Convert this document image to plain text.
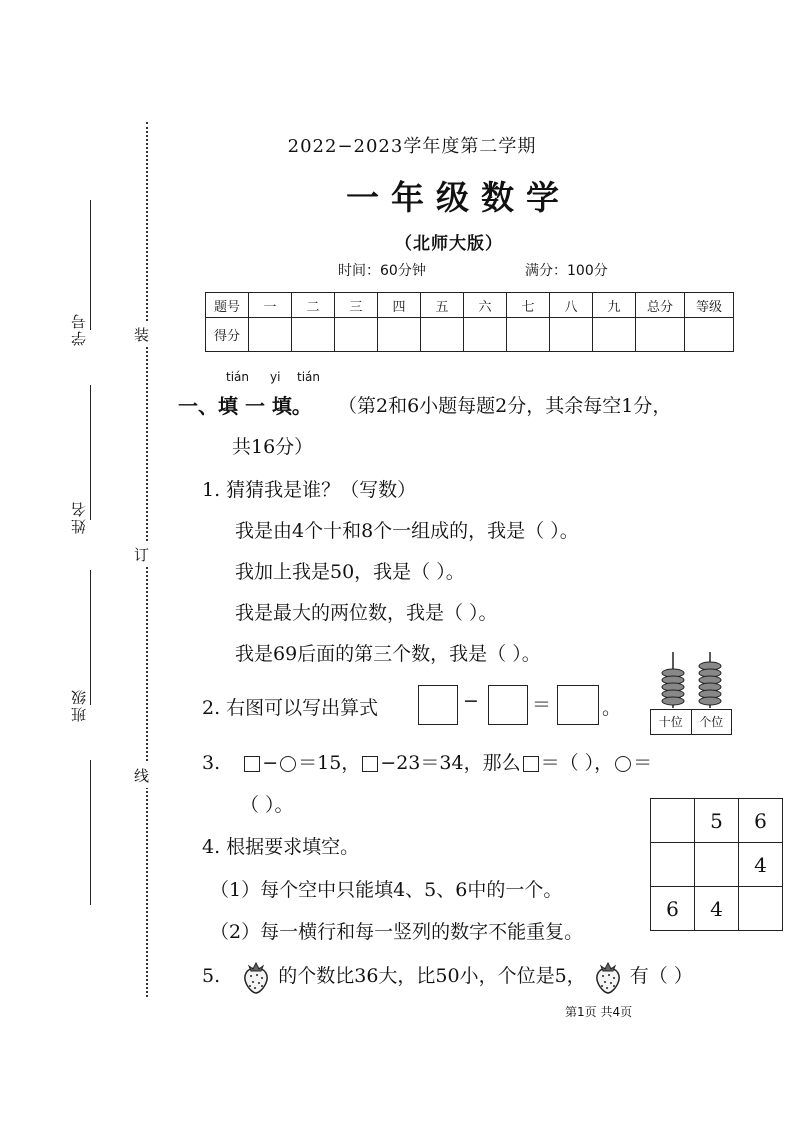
学号
姓名
班级
装
订
线
2022−2023学年度第二学期
一年级数学
（北师大版）
时间：60分钟	满分：100分
题号	一	二	三	四	五	六	七	八	九	总分	等级
得分											
tián yi tián
一、填 一 填。 （第2和6小题每题2分，其余每空1分，
共16分）
1. 猜猜我是谁？（写数）
我是由4个十和8个一组成的，我是（ ）。
我加上我是50，我是（ ）。
我是最大的两位数，我是（ ）。
我是69后面的第三个数，我是（ ）。
2. 右图可以写出算式	−	＝	。
十位	个位
3. − ＝15， −23＝34，那么 ＝（ ）， ＝
（ ）。
4. 根据要求填空。
（1）每个空中只能填4、5、6中的一个。
（2）每一横行和每一竖列的数字不能重复。
	5	6
		4
6	4	
5.	的个数比36大，比50小，个位是5， 有（ ）
第1页 共4页
